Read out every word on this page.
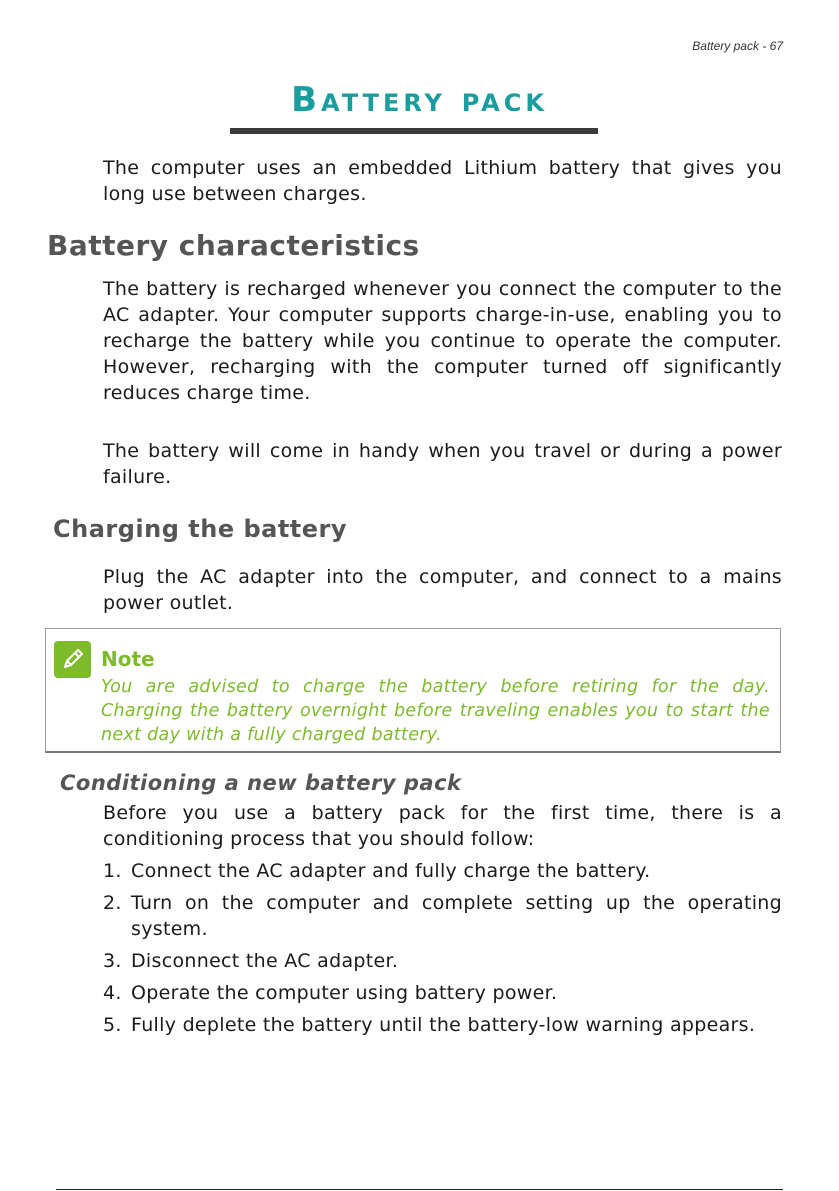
Battery pack - 67
Battery pack

The computer uses an embedded Lithium battery that gives you long use between charges.

Battery characteristics

The battery is recharged whenever you connect the computer to the AC adapter. Your computer supports charge-in-use, enabling you to recharge the battery while you continue to operate the computer. However, recharging with the computer turned off significantly reduces charge time.

The battery will come in handy when you travel or during a power failure.

Charging the battery

Plug the AC adapter into the computer, and connect to a mains power outlet.

Note

You are advised to charge the battery before retiring for the day. Charging the battery overnight before traveling enables you to start the next day with a fully charged battery.

Conditioning a new battery pack

Before you use a battery pack for the first time, there is a conditioning process that you should follow:

1. Connect the AC adapter and fully charge the battery.
2. Turn on the computer and complete setting up the operating system.
3. Disconnect the AC adapter.
4. Operate the computer using battery power.
5. Fully deplete the battery until the battery-low warning appears.
